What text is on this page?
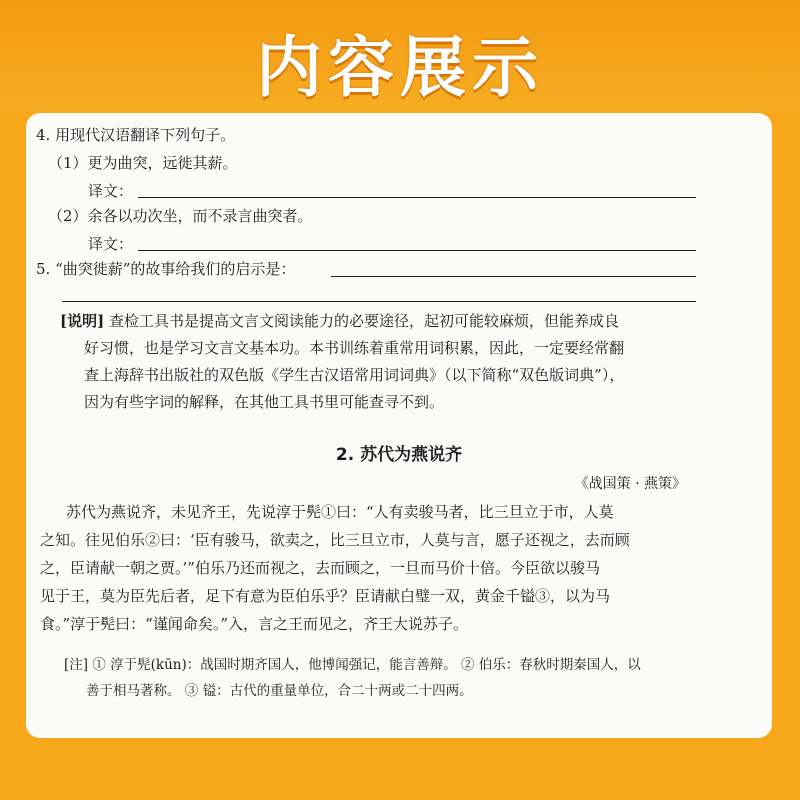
内容展示
4. 用现代汉语翻译下列句子。
（1）更为曲突，远徙其薪。
译文：
（2）余各以功次坐，而不录言曲突者。
译文：
5. “曲突徙薪”的故事给我们的启示是：
[说明] 查检工具书是提高文言文阅读能力的必要途径，起初可能较麻烦，但能养成良
好习惯，也是学习文言文基本功。本书训练着重常用词积累，因此，一定要经常翻
查上海辞书出版社的双色版《学生古汉语常用词词典》（以下简称“双色版词典”），
因为有些字词的解释，在其他工具书里可能查寻不到。
2. 苏代为燕说齐
《战国策 · 燕策》
苏代为燕说齐，未见齐王，先说淳于髡①曰：“人有卖骏马者，比三旦立于市，人莫
之知。往见伯乐②曰：‘臣有骏马，欲卖之，比三旦立市，人莫与言，愿子还视之，去而顾
之，臣请献一朝之贾。’”伯乐乃还而视之，去而顾之，一旦而马价十倍。今臣欲以骏马
见于王，莫为臣先后者，足下有意为臣伯乐乎？臣请献白璧一双，黄金千镒③，以为马
食。”淳于髡曰：“谨闻命矣。”入，言之王而见之，齐王大说苏子。
[注] ① 淳于髡(kūn)：战国时期齐国人，他博闻强记，能言善辩。 ② 伯乐：春秋时期秦国人，以
善于相马著称。 ③ 镒：古代的重量单位，合二十两或二十四两。
